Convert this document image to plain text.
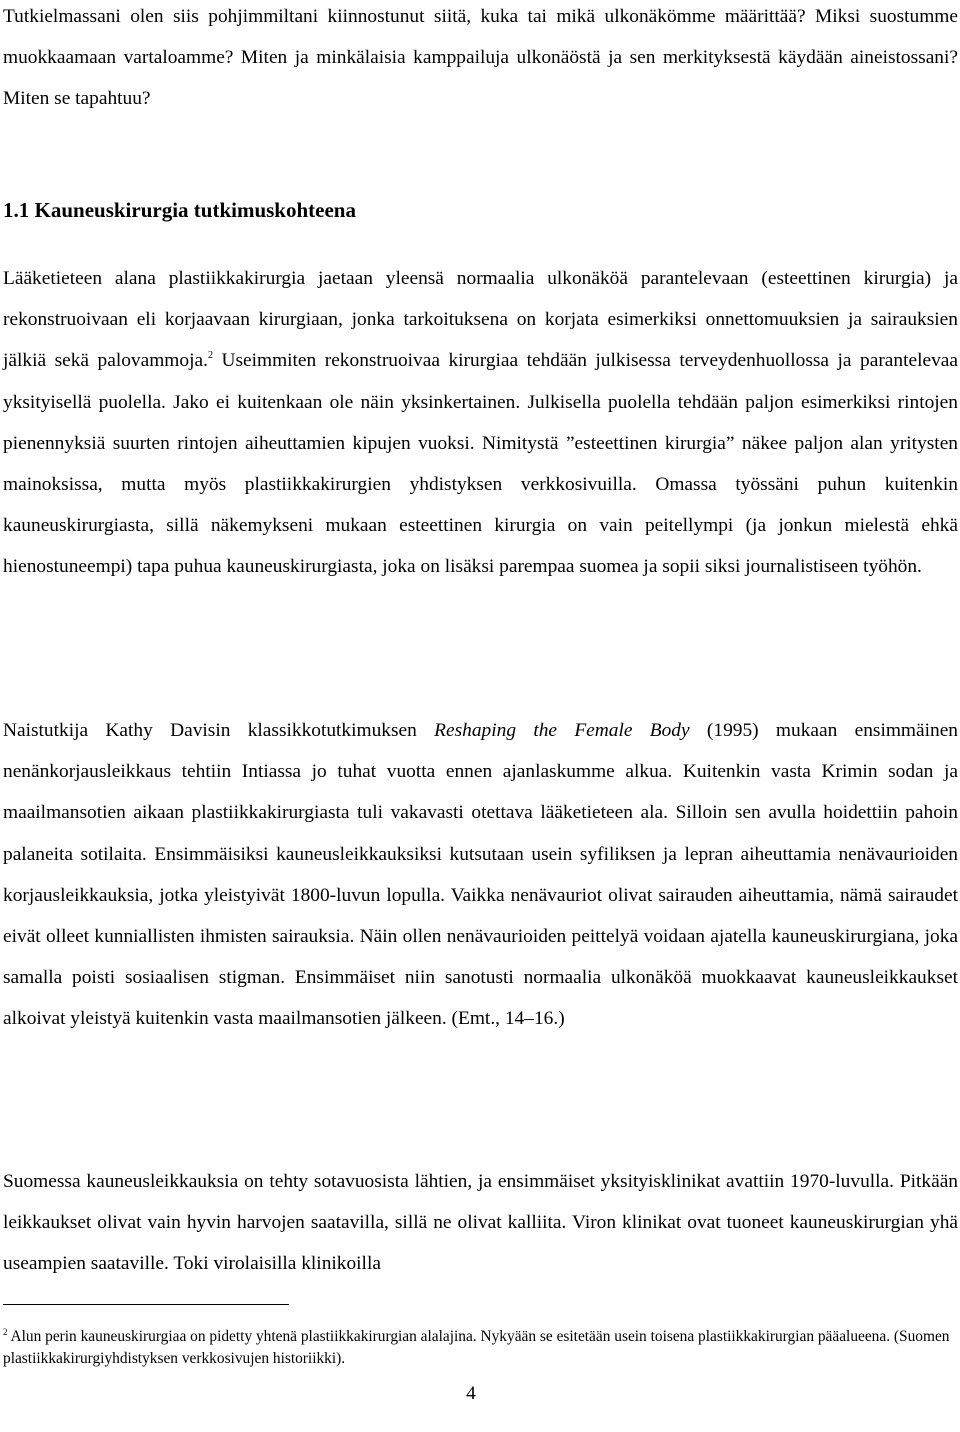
Tutkielmassani olen siis pohjimmiltani kiinnostunut siitä, kuka tai mikä ulkonäkömme määrittää? Miksi suostumme muokkaamaan vartaloamme? Miten ja minkälaisia kamppailuja ulkonäöstä ja sen merkityksestä käydään aineistossani? Miten se tapahtuu?

1.1 Kauneuskirurgia tutkimuskohteena

Lääketieteen alana plastiikkakirurgia jaetaan yleensä normaalia ulkonäköä parantelevaan (esteettinen kirurgia) ja rekonstruoivaan eli korjaavaan kirurgiaan, jonka tarkoituksena on korjata esimerkiksi onnettomuuksien ja sairauksien jälkiä sekä palovammoja.$^2$ Useimmiten rekonstruoivaa kirurgiaa tehdään julkisessa terveydenhuollossa ja parantelevaa yksityisellä puolella. Jako ei kuitenkaan ole näin yksinkertainen. Julkisella puolella tehdään paljon esimerkiksi rintojen pienennyksiä suurten rintojen aiheuttamien kipujen vuoksi. Nimitystä ”esteettinen kirurgia” näkee paljon alan yritysten mainoksissa, mutta myös plastiikkakirurgien yhdistyksen verkkosivuilla. Omassa työssäni puhun kuitenkin kauneuskirurgiasta, sillä näkemykseni mukaan esteettinen kirurgia on vain peitellympi (ja jonkun mielestä ehkä hienostuneempi) tapa puhua kauneuskirurgiasta, joka on lisäksi parempaa suomea ja sopii siksi journalistiseen työhön.

Naistutkija Kathy Davisin klassikkotutkimuksen Reshaping the Female Body (1995) mukaan ensimmäinen nenänkorjausleikkaus tehtiin Intiassa jo tuhat vuotta ennen ajanlaskumme alkua. Kuitenkin vasta Krimin sodan ja maailmansotien aikaan plastiikkakirurgiasta tuli vakavasti otettava lääketieteen ala. Silloin sen avulla hoidettiin pahoin palaneita sotilaita. Ensimmäisiksi kauneusleikkauksiksi kutsutaan usein syfiliksen ja lepran aiheuttamia nenävaurioiden korjausleikkauksia, jotka yleistyivät 1800-luvun lopulla. Vaikka nenävauriot olivat sairauden aiheuttamia, nämä sairaudet eivät olleet kunniallisten ihmisten sairauksia. Näin ollen nenävaurioiden peittelyä voidaan ajatella kauneuskirurgiana, joka samalla poisti sosiaalisen stigman. Ensimmäiset niin sanotusti normaalia ulkonäköä muokkaavat kauneusleikkaukset alkoivat yleistyä kuitenkin vasta maailmansotien jälkeen. (Emt., 14–16.)

Suomessa kauneusleikkauksia on tehty sotavuosista lähtien, ja ensimmäiset yksityisklinikat avattiin 1970-luvulla. Pitkään leikkaukset olivat vain hyvin harvojen saatavilla, sillä ne olivat kalliita. Viron klinikat ovat tuoneet kauneuskirurgian yhä useampien saataville. Toki virolaisilla klinikoilla

$^2$ Alun perin kauneuskirurgiaa on pidetty yhtenä plastiikkakirurgian alalajina. Nykyään se esitetään usein toisena plastiikkakirurgian pääalueena. (Suomen plastiikkakirurgiyhdistyksen verkkosivujen historiikki).

4
